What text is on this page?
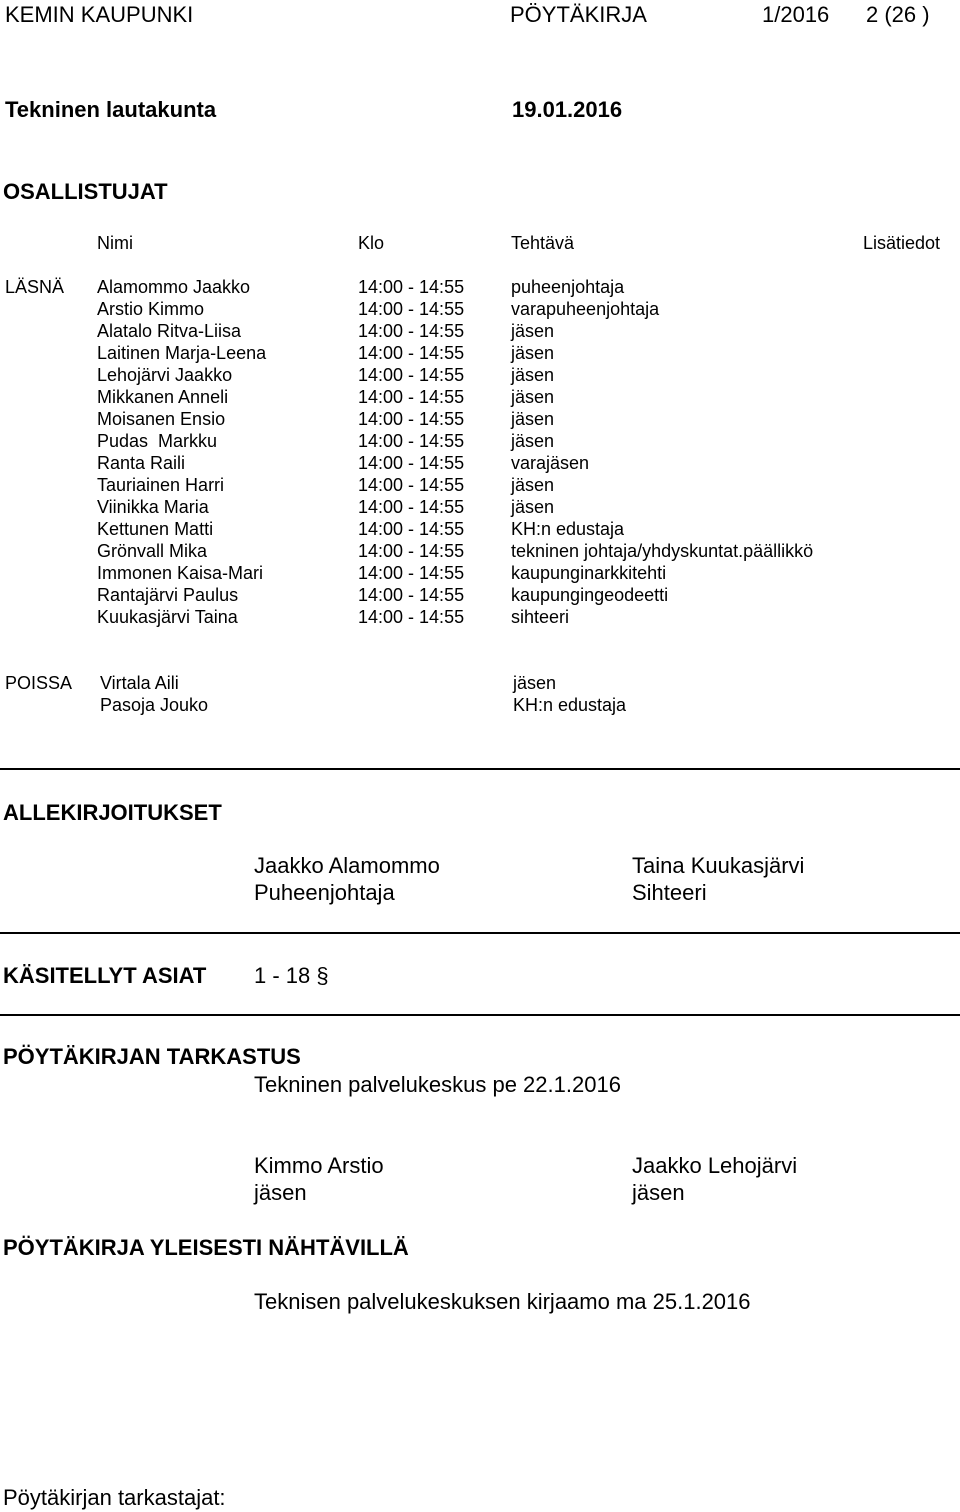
KEMIN KAUPUNKI	PÖYTÄKIRJA	1/2016 2 (26 )
Tekninen lautakunta	19.01.2016
OSALLISTUJAT
Nimi	Klo	Tehtävä	Lisätiedot
LÄSNÄ Alamommo Jaakko	14:00 - 14:55	puheenjohtaja
Arstio Kimmo	14:00 - 14:55	varapuheenjohtaja
Alatalo Ritva-Liisa	14:00 - 14:55	jäsen
Laitinen Marja-Leena	14:00 - 14:55	jäsen
Lehojärvi Jaakko	14:00 - 14:55	jäsen
Mikkanen Anneli	14:00 - 14:55	jäsen
Moisanen Ensio	14:00 - 14:55	jäsen
Pudas  Markku	14:00 - 14:55	jäsen
Ranta Raili	14:00 - 14:55	varajäsen
Tauriainen Harri	14:00 - 14:55	jäsen
Viinikka Maria	14:00 - 14:55	jäsen
Kettunen Matti	14:00 - 14:55	KH:n edustaja
Grönvall Mika	14:00 - 14:55	tekninen johtaja/yhdyskuntat.päällikkö
Immonen Kaisa-Mari	14:00 - 14:55	kaupunginarkkitehti
Rantajärvi Paulus	14:00 - 14:55	kaupungingeodeetti
Kuukasjärvi Taina	14:00 - 14:55	sihteeri
POISSA Virtala Aili	jäsen
Pasoja Jouko	KH:n edustaja
ALLEKIRJOITUKSET
Jaakko Alamommo
Puheenjohtaja
Taina Kuukasjärvi
Sihteeri
KÄSITELLYT ASIAT 1 - 18 §
PÖYTÄKIRJAN TARKASTUS
Tekninen palvelukeskus pe 22.1.2016
Kimmo Arstio
jäsen
Jaakko Lehojärvi
jäsen
PÖYTÄKIRJA YLEISESTI NÄHTÄVILLÄ
Teknisen palvelukeskuksen kirjaamo ma 25.1.2016
Pöytäkirjan tarkastajat:
